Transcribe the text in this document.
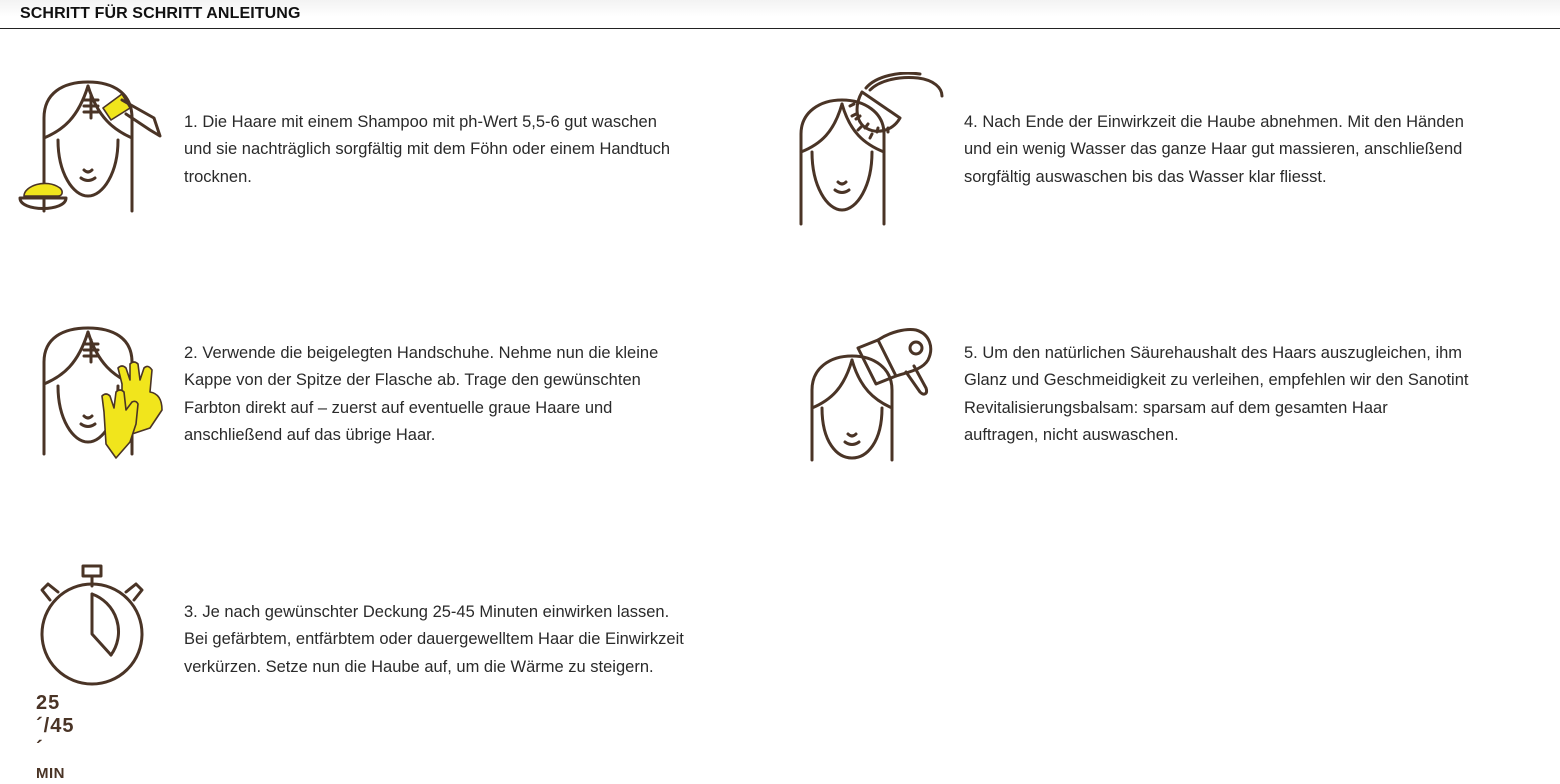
SCHRITT FÜR SCHRITT ANLEITUNG
1. Die Haare mit einem Shampoo mit ph-Wert 5,5-6 gut waschen
und sie nachträglich sorgfältig mit dem Föhn oder einem Handtuch
trocknen.
2. Verwende die beigelegten Handschuhe. Nehme nun die kleine
Kappe von der Spitze der Flasche ab. Trage den gewünschten
Farbton direkt auf – zuerst auf eventuelle graue Haare und
anschließend auf das übrige Haar.
25´/45´ MIN
3. Je nach gewünschter Deckung 25-45 Minuten einwirken lassen.
Bei gefärbtem, entfärbtem oder dauergewelltem Haar die Einwirkzeit
verkürzen. Setze nun die Haube auf, um die Wärme zu steigern.
4. Nach Ende der Einwirkzeit die Haube abnehmen. Mit den Händen
und ein wenig Wasser das ganze Haar gut massieren, anschließend
sorgfältig auswaschen bis das Wasser klar fliesst.
5. Um den natürlichen Säurehaushalt des Haars auszugleichen, ihm
Glanz und Geschmeidigkeit zu verleihen, empfehlen wir den Sanotint
Revitalisierungsbalsam: sparsam auf dem gesamten Haar
auftragen, nicht auswaschen.
